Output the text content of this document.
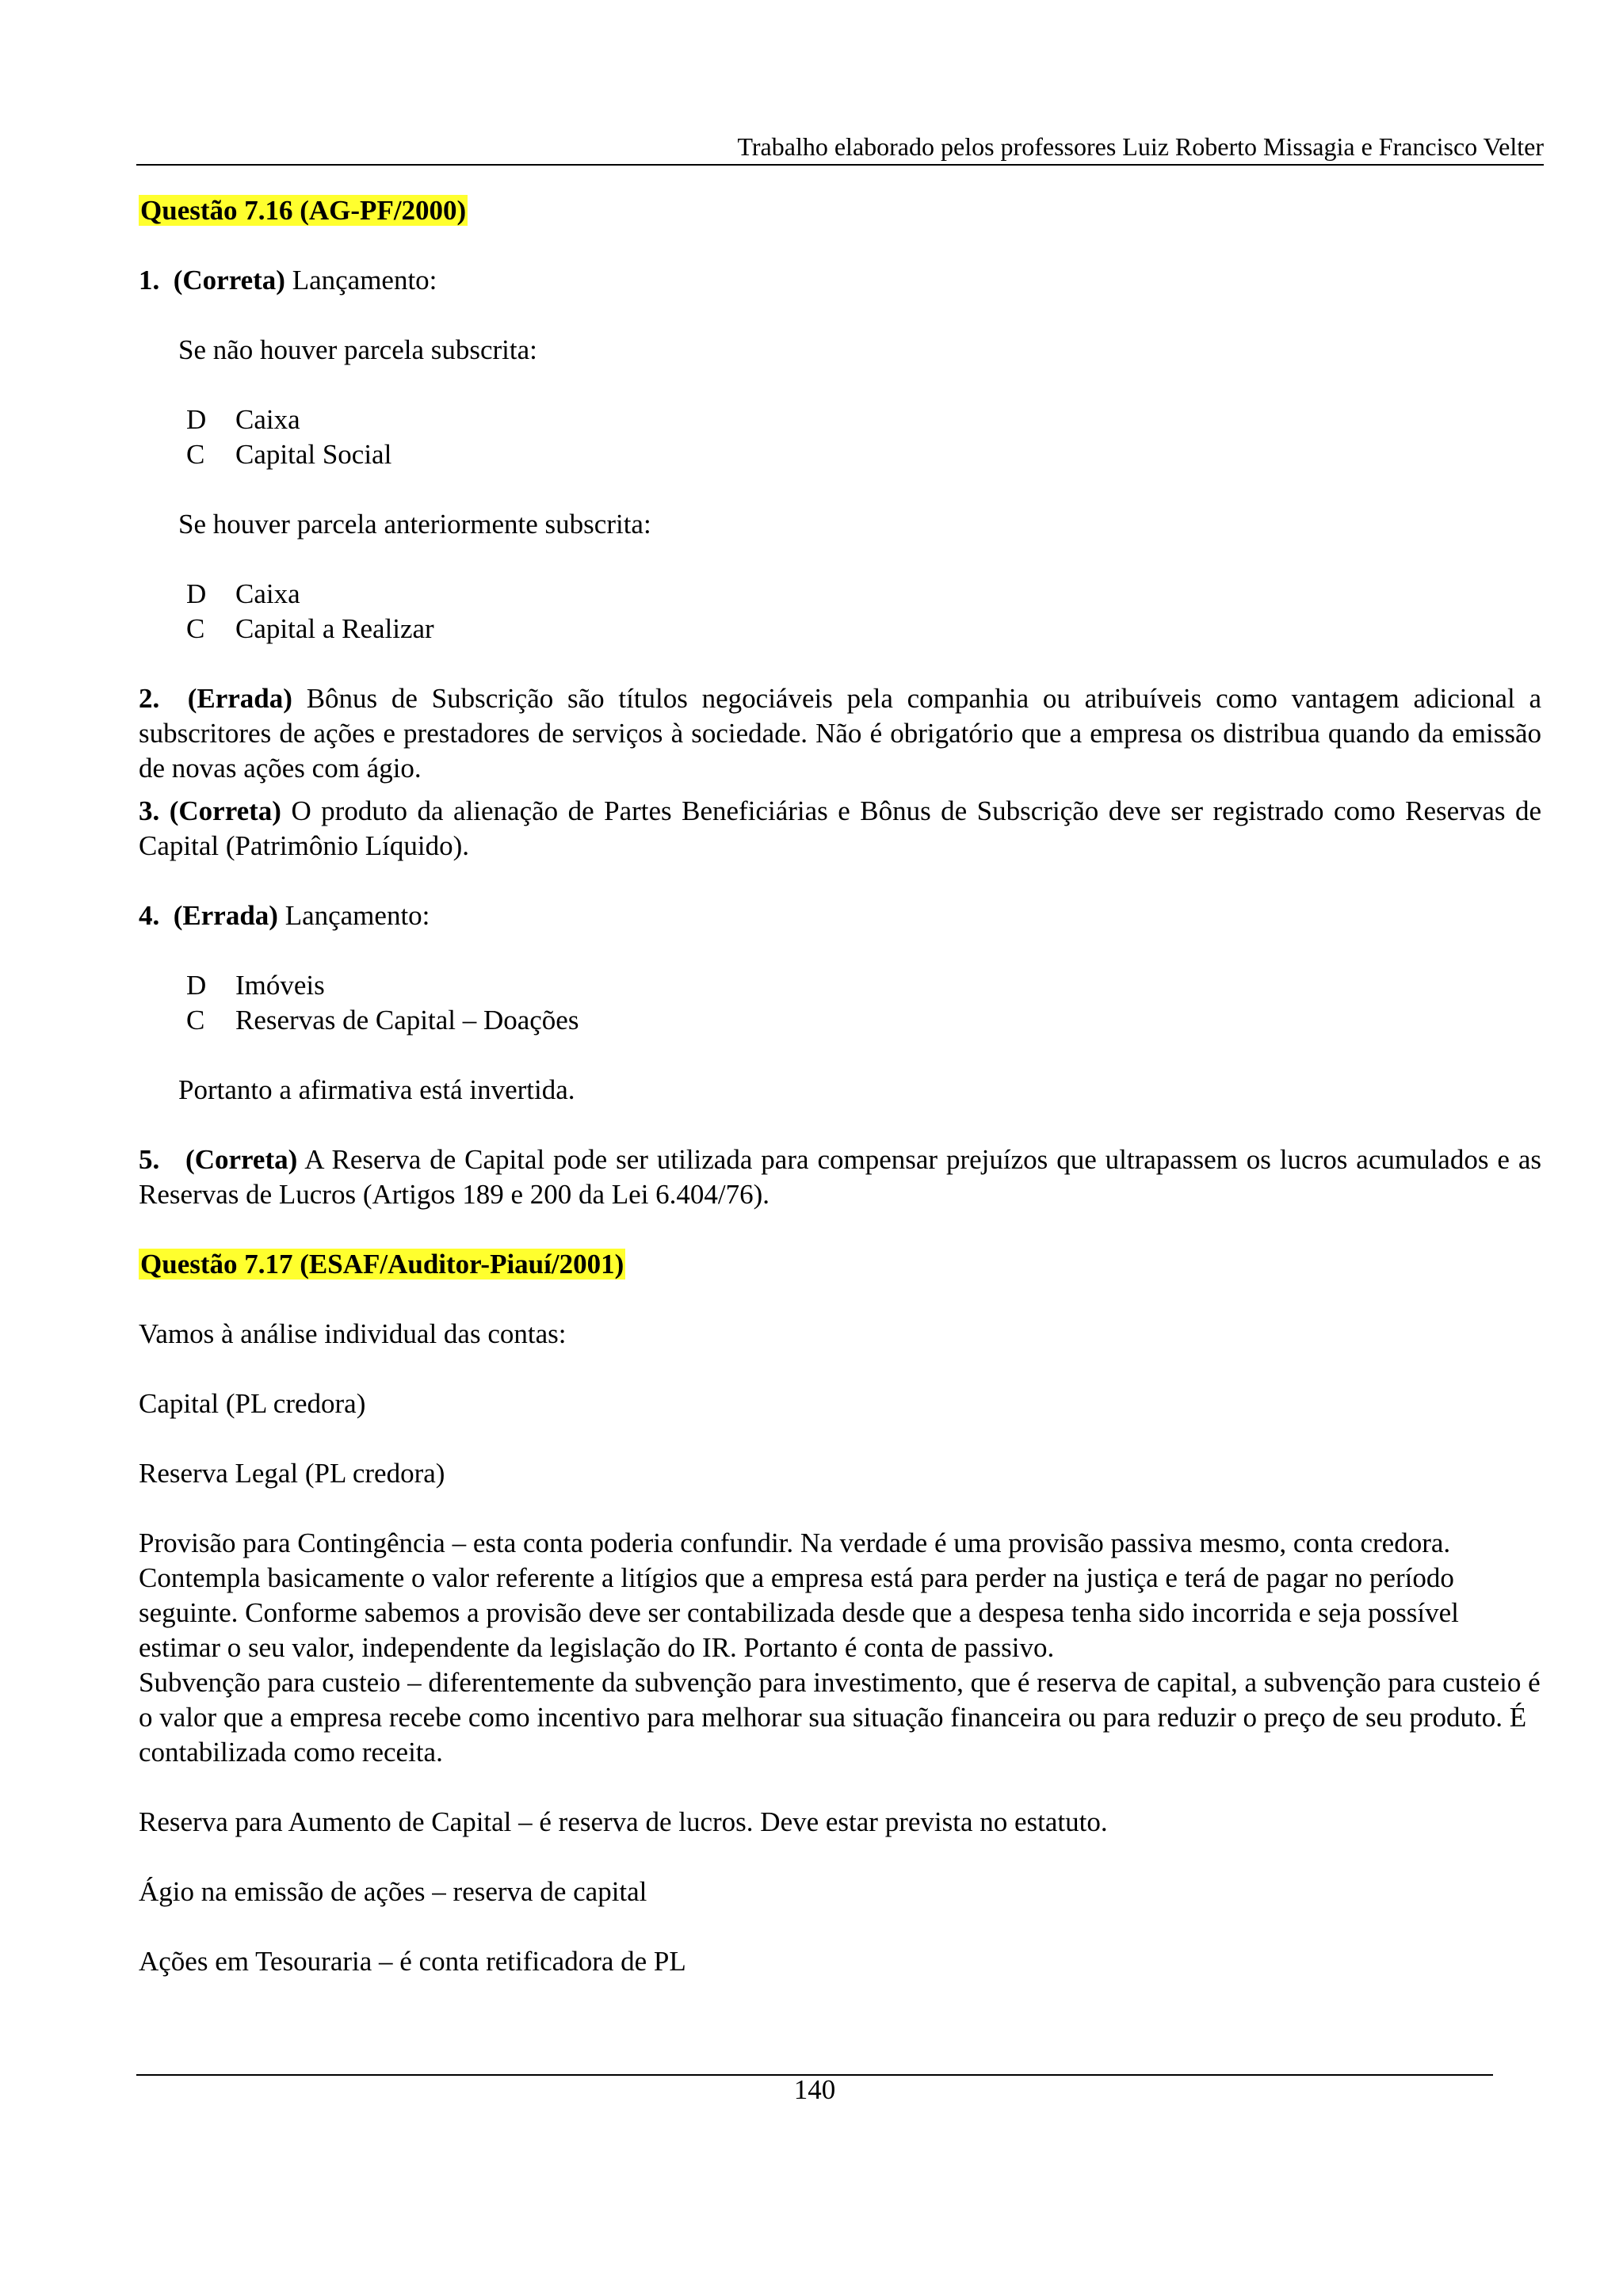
Trabalho elaborado pelos professores Luiz Roberto Missagia e Francisco Velter

Questão 7.16 (AG-PF/2000)

1. (Correta) Lançamento:

Se não houver parcela subscrita:

D	Caixa
C	Capital Social

Se houver parcela anteriormente subscrita:

D	Caixa
C	Capital a Realizar

2. (Errada) Bônus de Subscrição são títulos negociáveis pela companhia ou atribuíveis como vantagem adicional a subscritores de ações e prestadores de serviços à sociedade. Não é obrigatório que a empresa os distribua quando da emissão de novas ações com ágio.

3. (Correta) O produto da alienação de Partes Beneficiárias e Bônus de Subscrição deve ser registrado como Reservas de Capital (Patrimônio Líquido).

4. (Errada) Lançamento:

D	Imóveis
C	Reservas de Capital – Doações

Portanto a afirmativa está invertida.

5. (Correta) A Reserva de Capital pode ser utilizada para compensar prejuízos que ultrapassem os lucros acumulados e as Reservas de Lucros (Artigos 189 e 200 da Lei 6.404/76).

Questão 7.17 (ESAF/Auditor-Piauí/2001)

Vamos à análise individual das contas:

Capital (PL credora)

Reserva Legal (PL credora)

Provisão para Contingência – esta conta poderia confundir. Na verdade é uma provisão passiva mesmo, conta credora. Contempla basicamente o valor referente a litígios que a empresa está para perder na justiça e terá de pagar no período seguinte. Conforme sabemos a provisão deve ser contabilizada desde que a despesa tenha sido incorrida e seja possível estimar o seu valor, independente da legislação do IR. Portanto é conta de passivo.

Subvenção para custeio – diferentemente da subvenção para investimento, que é reserva de capital, a subvenção para custeio é o valor que a empresa recebe como incentivo para melhorar sua situação financeira ou para reduzir o preço de seu produto. É contabilizada como receita.

Reserva para Aumento de Capital – é reserva de lucros. Deve estar prevista no estatuto.

Ágio na emissão de ações – reserva de capital

Ações em Tesouraria – é conta retificadora de PL

140
